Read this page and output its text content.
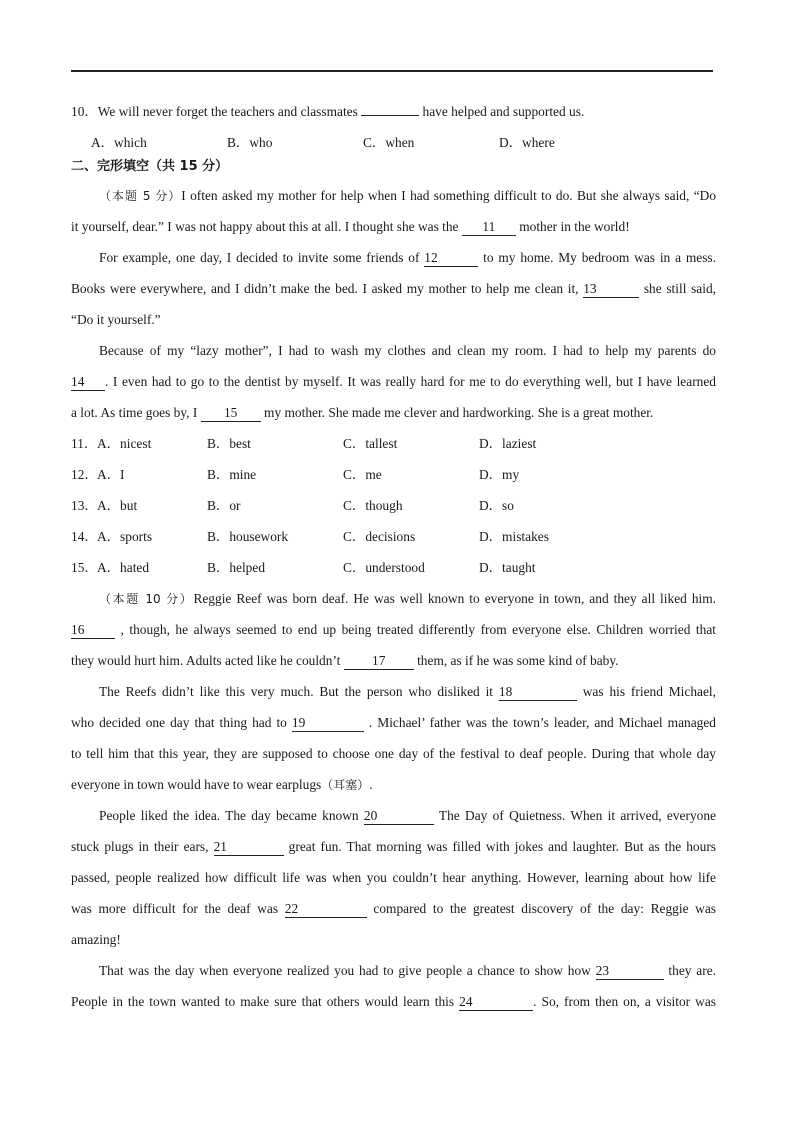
10．We will never forget the teachers and classmates	have helped and supported us.
A．which	B．who	C．when	D．where
二、完形填空（共 15 分）
（本题 5 分）I often asked my mother for help when I had something difficult to do. But she always said, “Do
it yourself, dear.” I was not happy about this at all. I thought she was the 11 mother in the world!
For example, one day, I decided to invite some friends of 12	to my home. My bedroom was in a mess.
Books were everywhere, and I didn’t make the bed. I asked my mother to help me clean it, 13	she still said,
“Do it yourself.”
Because of my “lazy mother”, I had to wash my clothes and clean my room. I had to help my parents do
14 . I even had to go to the dentist by myself. It was really hard for me to do everything well, but I have learned
a lot. As time goes by, I 15 my mother. She made me clever and hardworking. She is a great mother.
11． A．nicest	B．best	C．tallest	D．laziest
12． A．I	B．mine	C．me	D．my
13． A．but	B．or	C．though	D．so
14． A．sports	B．housework	C．decisions	D．mistakes
15． A．hated	B．helped	C．understood	D．taught
（本题 10 分）Reggie Reef was born deaf. He was well known to everyone in town, and they all liked him.
16 , though, he always seemed to end up being treated differently from everyone else. Children worried that
they would hurt him. Adults acted like he couldn’t 17 them, as if he was some kind of baby.
The Reefs didn’t like this very much. But the person who disliked it 18	was his friend Michael,
who decided one day that thing had to 19	. Michael’ father was the town’s leader, and Michael managed
to tell him that this year, they are supposed to choose one day of the festival to deaf people. During that whole day
everyone in town would have to wear earplugs（耳塞）.
People liked the idea. The day became known 20	The Day of Quietness. When it arrived, everyone
stuck plugs in their ears, 21	great fun. That morning was filled with jokes and laughter. But as the hours
passed, people realized how difficult life was when you couldn’t hear anything. However, learning about how life
was more difficult for the deaf was 22	compared to the greatest discovery of the day: Reggie was
amazing!
That was the day when everyone realized you had to give people a chance to show how 23	they are.
People in the town wanted to make sure that others would learn this 24	. So, from then on, a visitor was
